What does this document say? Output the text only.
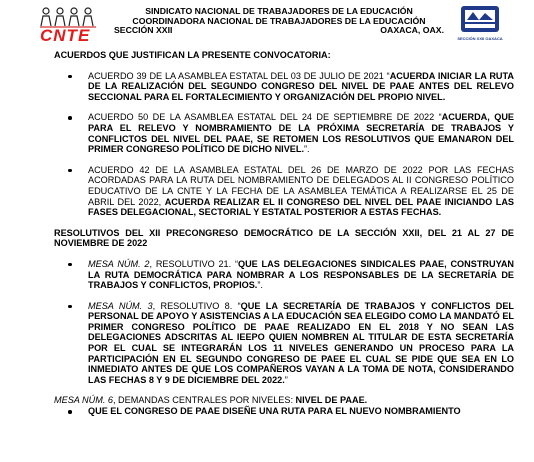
CNTE
SINDICATO NACIONAL DE TRABAJADORES DE LA EDUCACIÓN
COORDINADORA NACIONAL DE TRABAJADORES DE LA EDUCACIÓN
SECCIÓN XXII	OAXACA, OAX.
SECCIÓN XXII OAXACA
ACUERDOS QUE JUSTIFICAN LA PRESENTE CONVOCATORIA:
ACUERDO 39 DE LA ASAMBLEA ESTATAL DEL 03 DE JULIO DE 2021 “ACUERDA INICIAR LA RUTA DE LA REALIZACIÓN DEL SEGUNDO CONGRESO DEL NIVEL DE PAAE ANTES DEL RELEVO SECCIONAL PARA EL FORTALECIMIENTO Y ORGANIZACIÓN DEL PROPIO NIVEL.
ACUERDO 50 DE LA ASAMBLEA ESTATAL DEL 24 DE SEPTIEMBRE DE 2022 “ACUERDA, QUE PARA EL RELEVO Y NOMBRAMIENTO DE LA PRÓXIMA SECRETARÍA DE TRABAJOS Y CONFLICTOS DEL NIVEL DEL PAAE, SE RETOMEN LOS RESOLUTIVOS QUE EMANARON DEL PRIMER CONGRESO POLÍTICO DE DICHO NIVEL.”.
ACUERDO 42 DE LA ASAMBLEA ESTATAL DEL 26 DE MARZO DE 2022 POR LAS FECHAS ACORDADAS PARA LA RUTA DEL NOMBRAMIENTO DE DELEGADOS AL II CONGRESO POLÍTICO EDUCATIVO DE LA CNTE Y LA FECHA DE LA ASAMBLEA TEMÁTICA A REALIZARSE EL 25 DE ABRIL DEL 2022, ACUERDA REALIZAR EL II CONGRESO DEL NIVEL DEL PAAE INICIANDO LAS FASES DELEGACIONAL, SECTORIAL Y ESTATAL POSTERIOR A ESTAS FECHAS.
RESOLUTIVOS DEL XII PRECONGRESO DEMOCRÁTICO DE LA SECCIÓN XXII, DEL 21 AL 27 DE NOVIEMBRE DE 2022
MESA NÚM. 2, RESOLUTIVO 21. “QUE LAS DELEGACIONES SINDICALES PAAE, CONSTRUYAN LA RUTA DEMOCRÁTICA PARA NOMBRAR A LOS RESPONSABLES DE LA SECRETARÍA DE TRABAJOS Y CONFLICTOS, PROPIOS.”.
MESA NÚM. 3, RESOLUTIVO 8. “QUE LA SECRETARÍA DE TRABAJOS Y CONFLICTOS DEL PERSONAL DE APOYO Y ASISTENCIAS A LA EDUCACIÓN SEA ELEGIDO COMO LA MANDATÓ EL PRIMER CONGRESO POLÍTICO DE PAAE REALIZADO EN EL 2018 Y NO SEAN LAS DELEGACIONES ADSCRITAS AL IEEPO QUIEN NOMBREN AL TITULAR DE ESTA SECRETARÍA POR EL CUAL SE INTEGRARÁN LOS 11 NIVELES GENERANDO UN PROCESO PARA LA PARTICIPACIÓN EN EL SEGUNDO CONGRESO DE PAEE EL CUAL SE PIDE QUE SEA EN LO INMEDIATO ANTES DE QUE LOS COMPAÑEROS VAYAN A LA TOMA DE NOTA, CONSIDERANDO LAS FECHAS 8 Y 9 DE DICIEMBRE DEL 2022.”
MESA NÚM. 6, DEMANDAS CENTRALES POR NIVELES: NIVEL DE PAAE.
QUE EL CONGRESO DE PAAE DISEÑE UNA RUTA PARA EL NUEVO NOMBRAMIENTO
